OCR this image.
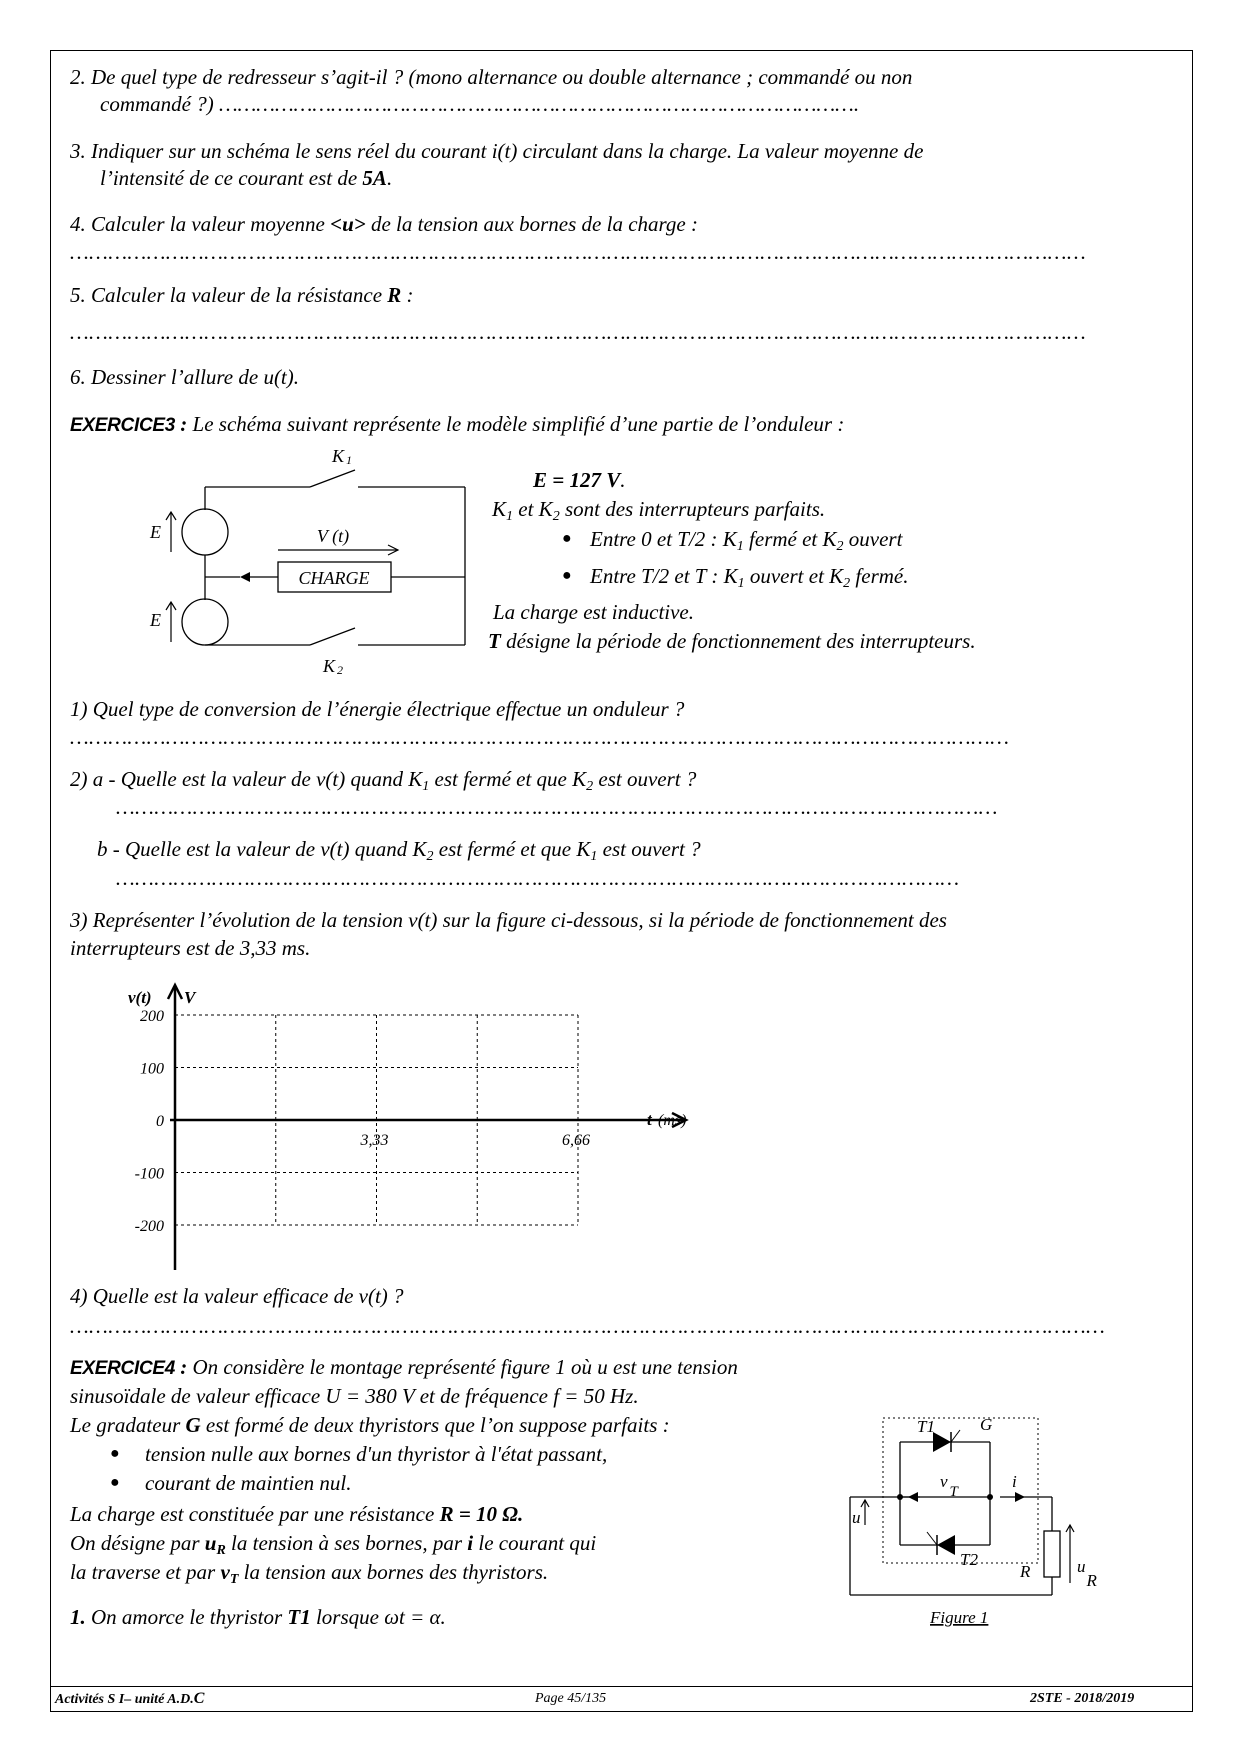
2. De quel type de redresseur s’agit-il ? (mono alternance ou double alternance ; commandé ou non
commandé ?) ………………………………………………………………………………………….
3. Indiquer sur un schéma le sens réel du courant i(t) circulant dans la charge. La valeur moyenne de
l’intensité de ce courant est de 5A.
4. Calculer la valeur moyenne <u> de la tension aux bornes de la charge :
……………………………………………………………………………………………………………………………………………
5. Calculer la valeur de la résistance R :
……………………………………………………………………………………………………………………………………………
6. Dessiner l’allure de u(t).
EXERCICE3 : Le schéma suivant représente le modèle simplifié d’une partie de l’onduleur :
K 1
K 2
E
E
V (t)
CHARGE
E = 127 V.
$K_1$ et $K_2$ sont des interrupteurs parfaits.
● Entre 0 et T/2 : $K_1$ fermé et $K_2$ ouvert
● Entre T/2 et T : $K_1$ ouvert et $K_2$ fermé.
La charge est inductive.
T désigne la période de fonctionnement des interrupteurs.
1) Quel type de conversion de l’énergie électrique effectue un onduleur ?
…………………………………………………………………………………………………………………………………
2) a - Quelle est la valeur de v(t) quand $K_1$ est fermé et que $K_2$ est ouvert ?
…………………………………………………………………………………………………………………………
b - Quelle est la valeur de v(t) quand $K_2$ est fermé et que $K_1$ est ouvert ?
……………………………………………………………………………………………………………………
3) Représenter l’évolution de la tension v(t) sur la figure ci-dessous, si la période de fonctionnement des
interrupteurs est de 3,33 ms.
v(t) V
t (ms)
200
100
0
-100
-200
3,33	6,66
4) Quelle est la valeur efficace de v(t) ?
………………………………………………………………………………………………………………………………………………
EXERCICE4 : On considère le montage représenté figure 1 où u est une tension
sinusoïdale de valeur efficace U = 380 V et de fréquence f = 50 Hz.
Le gradateur G est formé de deux thyristors que l’on suppose parfaits :
● tension nulle aux bornes d'un thyristor à l'état passant,
● courant de maintien nul.
La charge est constituée par une résistance R = 10 Ω.
On désigne par $u_R$ la tension à ses bornes, par i le courant qui
la traverse et par $v_T$ la tension aux bornes des thyristors.
1. On amorce le thyristor T1 lorsque ωt = α.
T1	G
T2
vT
i
u
R	uR
Figure 1
Activités S I– unité A.D.C	Page 45/135	2STE - 2018/2019
